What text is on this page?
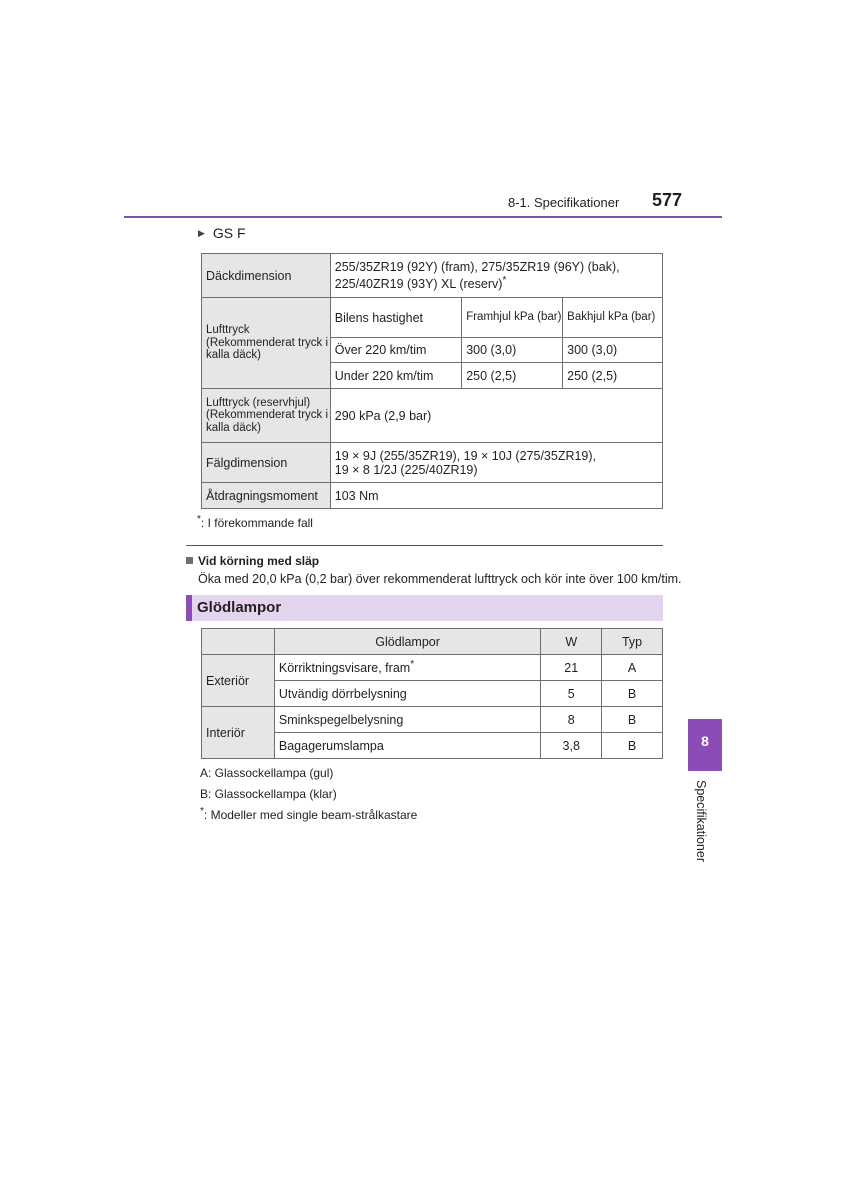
8-1. Specifikationer 577
▶ GS F
Däckdimension	255/35ZR19 (92Y) (fram), 275/35ZR19 (96Y) (bak),
225/40ZR19 (93Y) XL (reserv)*

Lufttryck (Rekommenderat tryck i kalla däck)	Bilens hastighet	Framhjul kPa (bar)	Bakhjul kPa (bar)
	Över 220 km/tim	300 (3,0)	300 (3,0)
	Under 220 km/tim	250 (2,5)	250 (2,5)
Lufttryck (reservhjul) (Rekommenderat tryck i kalla däck)	290 kPa (2,9 bar)		
Fälgdimension	19 × 9J (255/35ZR19), 19 × 10J (275/35ZR19),
19 × 8 1/2J (225/40ZR19)		

Åtdragningsmoment	103 Nm		
*: I förekommande fall
Vid körning med släp
Öka med 20,0 kPa (0,2 bar) över rekommenderat lufttryck och kör inte över 100 km/tim.
Glödlampor
	Glödlampor	W	Typ
Exteriör	Körriktningsvisare, fram*	21	A
	Utvändig dörrbelysning	5	B
Interiör	Sminkspegelbelysning	8	B
	Bagagerumslampa	3,8	B
A: Glassockellampa (gul)
B: Glassockellampa (klar)
*: Modeller med single beam-strålkastare
8
Specifikationer
